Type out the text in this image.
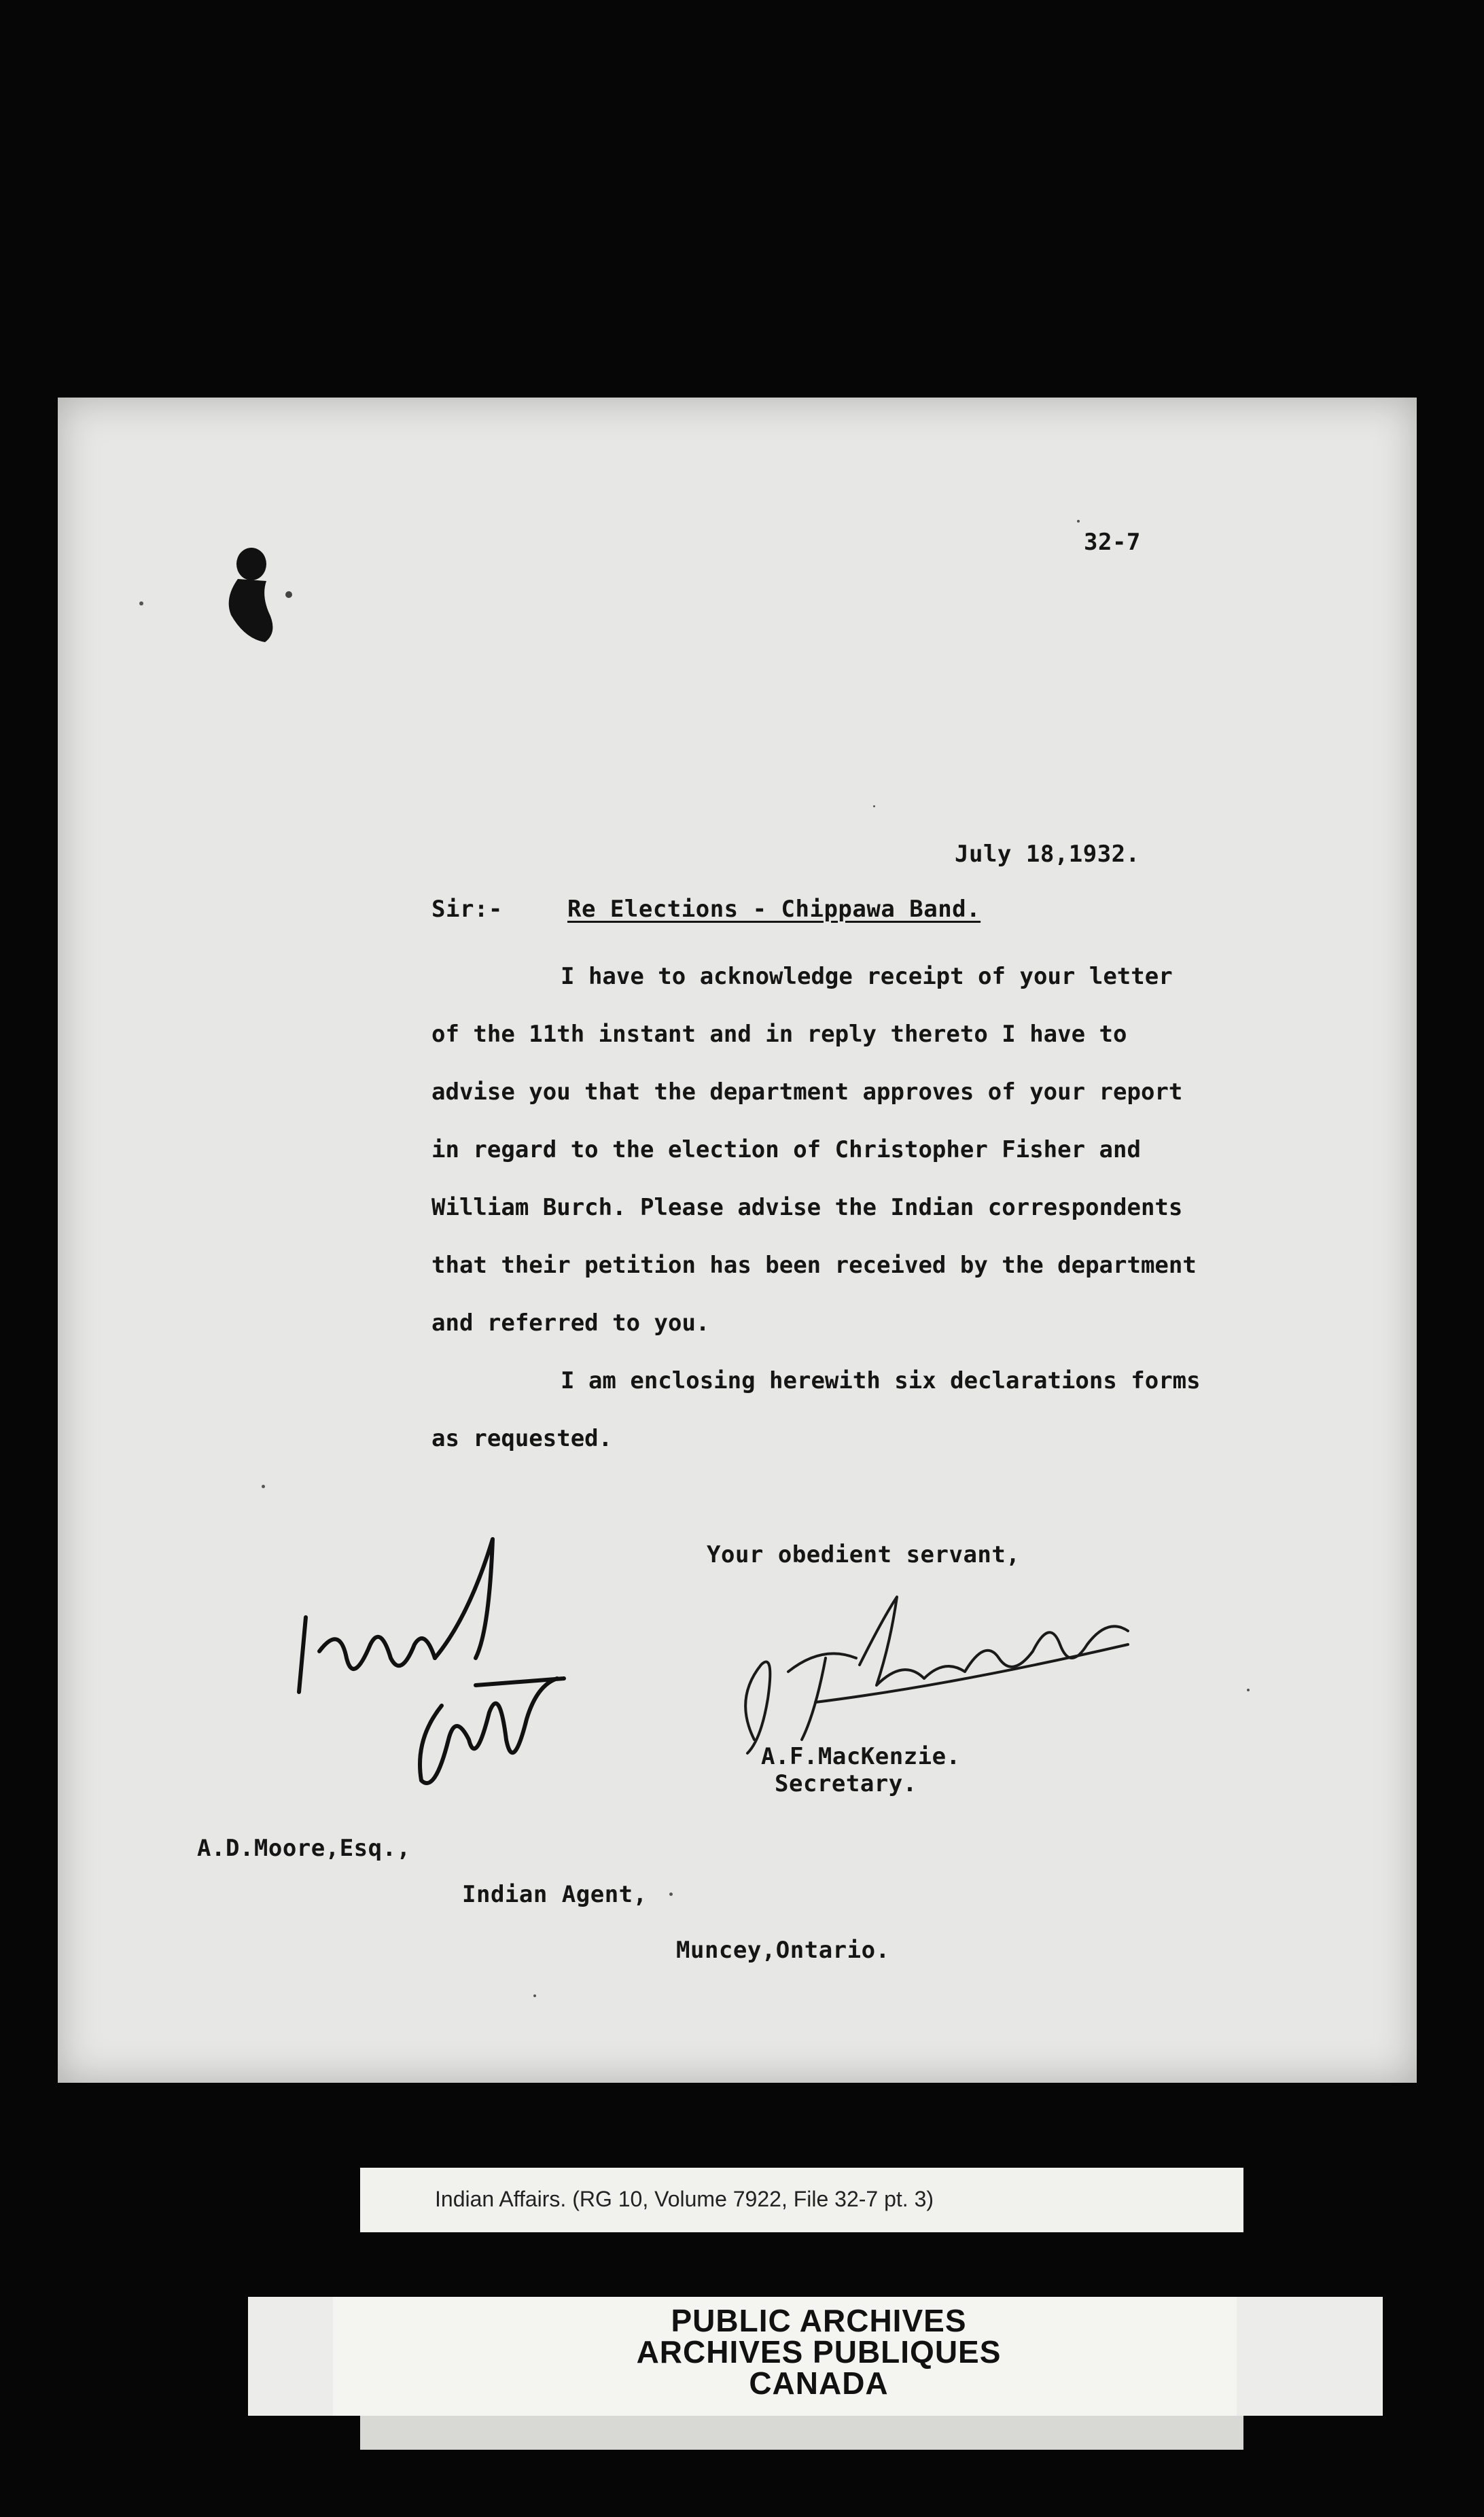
32-7
July 18,1932.
Sir:-	Re Elections - Chippawa Band.
I have to acknowledge receipt of your letter
of the 11th instant and in reply thereto I have to
advise you that the department approves of your report
in regard to the election of Christopher Fisher and
William Burch. Please advise the Indian correspondents
that their petition has been received by the department
and referred to you.
I am enclosing herewith six declarations forms
as requested.
Your obedient servant,
A.F.MacKenzie.
Secretary.
A.D.Moore,Esq.,
Indian Agent,
Muncey,Ontario.
Indian Affairs. (RG 10, Volume 7922, File 32-7 pt. 3)
PUBLIC ARCHIVES
ARCHIVES PUBLIQUES
CANADA
